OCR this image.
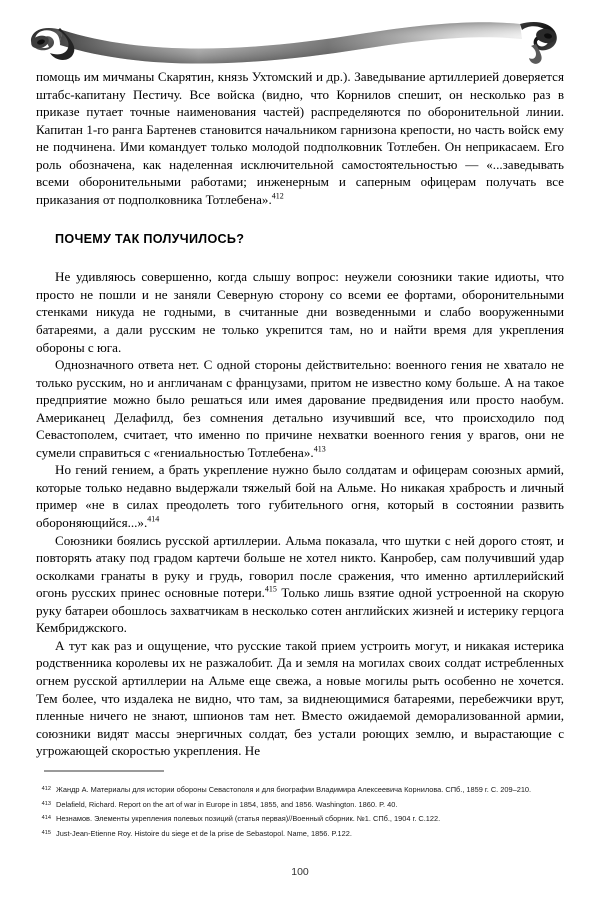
Крымская кампания Восточной войны

помощь им мичманы Скарятин, князь Ухтомский и др.). Заведывание артиллерией доверяется штабс-капитану Пестичу. Все войска (видно, что Корнилов спешит, он несколько раз в приказе путает точные наименования частей) распределяются по оборонительной линии. Капитан 1-го ранга Бартенев становится начальником гарнизона крепости, но часть войск ему не подчинена. Ими командует только молодой подполковник Тотлебен. Он неприкасаем. Его роль обозначена, как наделенная исключительной самостоятельностью — «...заведывать всеми оборонительными работами; инженерным и саперным офицерам получать все приказания от подполковника Тотлебена».$^{412}$

ПОЧЕМУ ТАК ПОЛУЧИЛОСЬ?

Не удивляюсь совершенно, когда слышу вопрос: неужели союзники такие идиоты, что просто не пошли и не заняли Северную сторону со всеми ее фортами, оборонительными стенками никуда не годными, в считанные дни возведенными и слабо вооруженными батареями, а дали русским не только укрепится там, но и найти время для укрепления обороны с юга.

Однозначного ответа нет. С одной стороны действительно: военного гения не хватало не только русским, но и англичанам с французами, притом не известно кому больше. А на такое предприятие можно было решаться или имея дарование предвидения или просто наобум. Американец Делафилд, без сомнения детально изучивший все, что происходило под Севастополем, считает, что именно по причине нехватки военного гения у врагов, они не сумели справиться с «гениальностью Тотлебена».$^{413}$

Но гений гением, а брать укрепление нужно было солдатам и офицерам союзных армий, которые только недавно выдержали тяжелый бой на Альме. Но никакая храбрость и личный пример «не в силах преодолеть того губительного огня, который в состоянии развить обороняющийся...».$^{414}$

Союзники боялись русской артиллерии. Альма показала, что шутки с ней дорого стоят, и повторять атаку под градом картечи больше не хотел никто. Канробер, сам получивший удар осколками гранаты в руку и грудь, говорил после сражения, что именно артиллерийский огонь русских принес основные потери.$^{415}$ Только лишь взятие одной устроенной на скорую руку батареи обошлось захватчикам в несколько сотен английских жизней и истерику герцога Кембриджского.

А тут как раз и ощущение, что русские такой прием устроить могут, и никакая истерика родственника королевы их не разжалобит. Да и земля на могилах своих солдат истребленных огнем русской артиллерии на Альме еще свежа, а новые могилы рыть особенно не хочется. Тем более, что издалека не видно, что там, за виднеющимися батареями, перебежчики врут, пленные ничего не знают, шпионов там нет. Вместо ожидаемой деморализованной армии, союзники видят массы энергичных солдат, без устали роющих землю, и вырастающие с угрожающей скоростью укрепления. Не

412 Жандр А. Материалы для истории обороны Севастополя и для биографии Владимира Алексеевича Корнилова. СПб., 1859 г. С. 209–210.
413 Delafield, Richard. Report on the art of war in Europe in 1854, 1855, and 1856. Washington. 1860. P. 40.
414 Незнамов. Элементы укрепления полевых позиций (статья первая)//Военный сборник. №1. СПб., 1904 г. С.122.
415 Just-Jean-Etienne Roy. Histoire du siege et de la prise de Sebastopol. Name, 1856. P.122.
100
